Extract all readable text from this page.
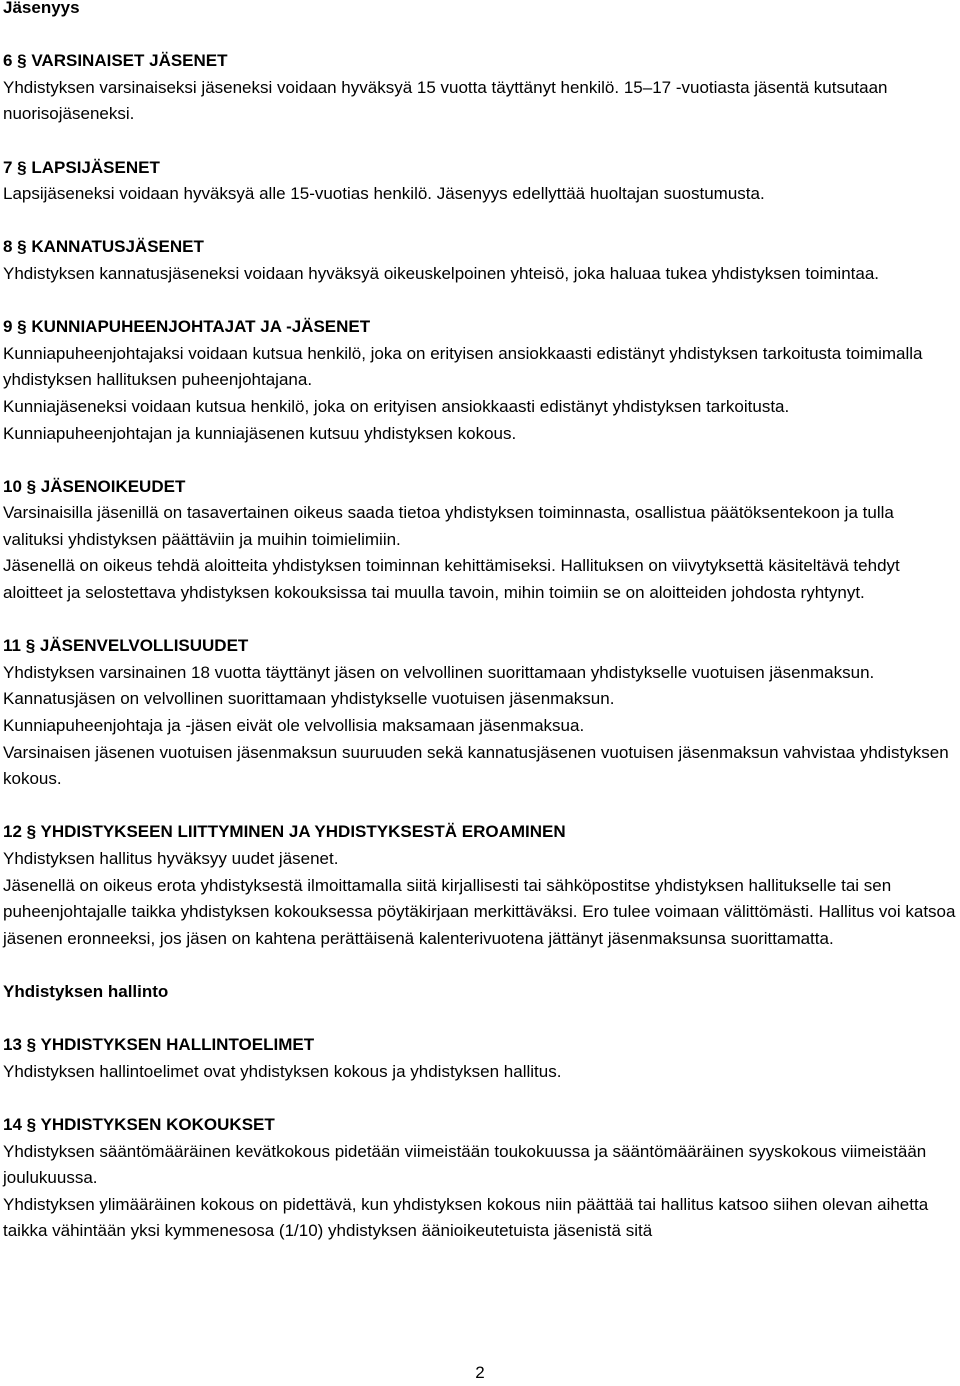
Jäsenyys

6 § VARSINAISET JÄSENET

Yhdistyksen varsinaiseksi jäseneksi voidaan hyväksyä 15 vuotta täyttänyt henkilö. 15–17 -vuotiasta jäsentä kutsutaan nuorisojäseneksi.

7 § LAPSIJÄSENET

Lapsijäseneksi voidaan hyväksyä alle 15-vuotias henkilö. Jäsenyys edellyttää huoltajan suostumusta.

8 § KANNATUSJÄSENET

Yhdistyksen kannatusjäseneksi voidaan hyväksyä oikeuskelpoinen yhteisö, joka haluaa tukea yhdistyksen toimintaa.

9 § KUNNIAPUHEENJOHTAJAT JA -JÄSENET

Kunniapuheenjohtajaksi voidaan kutsua henkilö, joka on erityisen ansiokkaasti edistänyt yhdistyksen tarkoitusta toimimalla yhdistyksen hallituksen puheenjohtajana.

Kunniajäseneksi voidaan kutsua henkilö, joka on erityisen ansiokkaasti edistänyt yhdistyksen tarkoitusta.

Kunniapuheenjohtajan ja kunniajäsenen kutsuu yhdistyksen kokous.

10 § JÄSENOIKEUDET

Varsinaisilla jäsenillä on tasavertainen oikeus saada tietoa yhdistyksen toiminnasta, osallistua päätöksentekoon ja tulla valituksi yhdistyksen päättäviin ja muihin toimielimiin.

Jäsenellä on oikeus tehdä aloitteita yhdistyksen toiminnan kehittämiseksi. Hallituksen on viivytyksettä käsiteltävä tehdyt aloitteet ja selostettava yhdistyksen kokouksissa tai muulla tavoin, mihin toimiin se on aloitteiden johdosta ryhtynyt.

11 § JÄSENVELVOLLISUUDET

Yhdistyksen varsinainen 18 vuotta täyttänyt jäsen on velvollinen suorittamaan yhdistykselle vuotuisen jäsenmaksun. Kannatusjäsen on velvollinen suorittamaan yhdistykselle vuotuisen jäsenmaksun.

Kunniapuheenjohtaja ja -jäsen eivät ole velvollisia maksamaan jäsenmaksua.

Varsinaisen jäsenen vuotuisen jäsenmaksun suuruuden sekä kannatusjäsenen vuotuisen jäsenmaksun vahvistaa yhdistyksen kokous.

12 § YHDISTYKSEEN LIITTYMINEN JA YHDISTYKSESTÄ EROAMINEN

Yhdistyksen hallitus hyväksyy uudet jäsenet.

Jäsenellä on oikeus erota yhdistyksestä ilmoittamalla siitä kirjallisesti tai sähköpostitse yhdistyksen hallitukselle tai sen puheenjohtajalle taikka yhdistyksen kokouksessa pöytäkirjaan merkittäväksi. Ero tulee voimaan välittömästi. Hallitus voi katsoa jäsenen eronneeksi, jos jäsen on kahtena perättäisenä kalenterivuotena jättänyt jäsenmaksunsa suorittamatta.

Yhdistyksen hallinto

13 § YHDISTYKSEN HALLINTOELIMET

Yhdistyksen hallintoelimet ovat yhdistyksen kokous ja yhdistyksen hallitus.

14 § YHDISTYKSEN KOKOUKSET

Yhdistyksen sääntömääräinen kevätkokous pidetään viimeistään toukokuussa ja sääntömääräinen syyskokous viimeistään joulukuussa.

Yhdistyksen ylimääräinen kokous on pidettävä, kun yhdistyksen kokous niin päättää tai hallitus katsoo siihen olevan aihetta taikka vähintään yksi kymmenesosa (1/10) yhdistyksen äänioikeutetuista jäsenistä sitä

2
